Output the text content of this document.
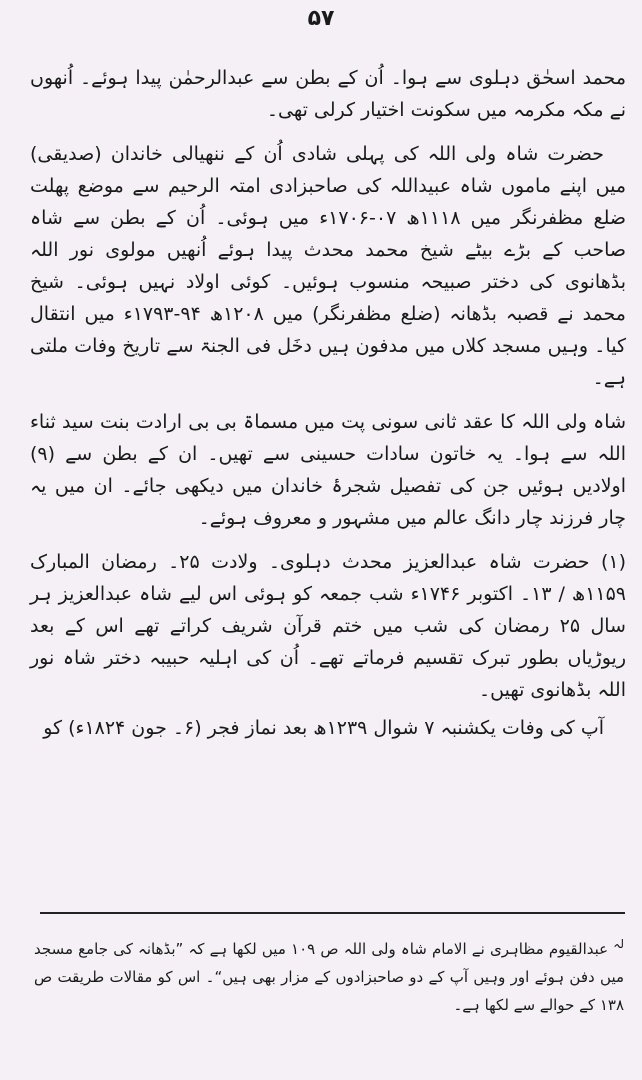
۵۷

محمد اسحٰق دہلوی سے ہوا۔ اُن کے بطن سے عبدالرحمٰن پیدا ہوئے۔ اُنھوں نے مکہ مکرمہ میں سکونت اختیار کرلی تھی۔

حضرت شاہ ولی اللہ کی پہلی شادی اُن کے ننھیالی خاندان (صدیقی) میں اپنے ماموں شاہ عبیداللہ کی صاحبزادی امتہ الرحیم سے موضع پھلت ضلع مظفرنگر میں ۱۱۱۸ھ ۰۷-۱۷۰۶ء میں ہوئی۔ اُن کے بطن سے شاہ صاحب کے بڑے بیٹے شیخ محمد محدث پیدا ہوئے اُنھیں مولوی نور اللہ بڈھانوی کی دختر صبیحہ منسوب ہوئیں۔ کوئی اولاد نہیں ہوئی۔ شیخ محمد نے قصبہ بڈھانہ (ضلع مظفرنگر) میں ۱۲۰۸ھ ۹۴-۱۷۹۳ء میں انتقال کیا۔ وہیں مسجد کلاں میں مدفون ہیں دخَل فی الجنۃ سے تاریخ وفات ملتی ہے۔

شاہ ولی اللہ کا عقد ثانی سونی پت میں مسماۃ بی بی ارادت بنت سید ثناء اللہ سے ہوا۔ یہ خاتون سادات حسینی سے تھیں۔ ان کے بطن سے (۹) اولادیں ہوئیں جن کی تفصیل شجرۂ خاندان میں دیکھی جائے۔ ان میں یہ چار فرزند چار دانگ عالم میں مشہور و معروف ہوئے۔

(۱) حضرت شاہ عبدالعزیز محدث دہلوی۔ ولادت ۲۵۔ رمضان المبارک ۱۱۵۹ھ / ۱۳۔ اکتوبر ۱۷۴۶ء شب جمعہ کو ہوئی اس لیے شاہ عبدالعزیز ہر سال ۲۵ رمضان کی شب میں ختم قرآن شریف کراتے تھے اس کے بعد ریوڑیاں بطور تبرک تقسیم فرماتے تھے۔ اُن کی اہلیہ حبیبہ دختر شاہ نور اللہ بڈھانوی تھیں۔

آپ کی وفات یکشنبہ ۷ شوال ۱۲۳۹ھ بعد نماز فجر (۶۔ جون ۱۸۲۴ء) کو

$^{لہ}$ عبدالقیوم مظاہری نے الامام شاہ ولی اللہ ص ۱۰۹ میں لکھا ہے کہ ”بڈھانہ کی جامع مسجد میں دفن ہوئے اور وہیں آپ کے دو صاحبزادوں کے مزار بھی ہیں“۔ اس کو مقالات طریقت ص ۱۳۸ کے حوالے سے لکھا ہے۔
